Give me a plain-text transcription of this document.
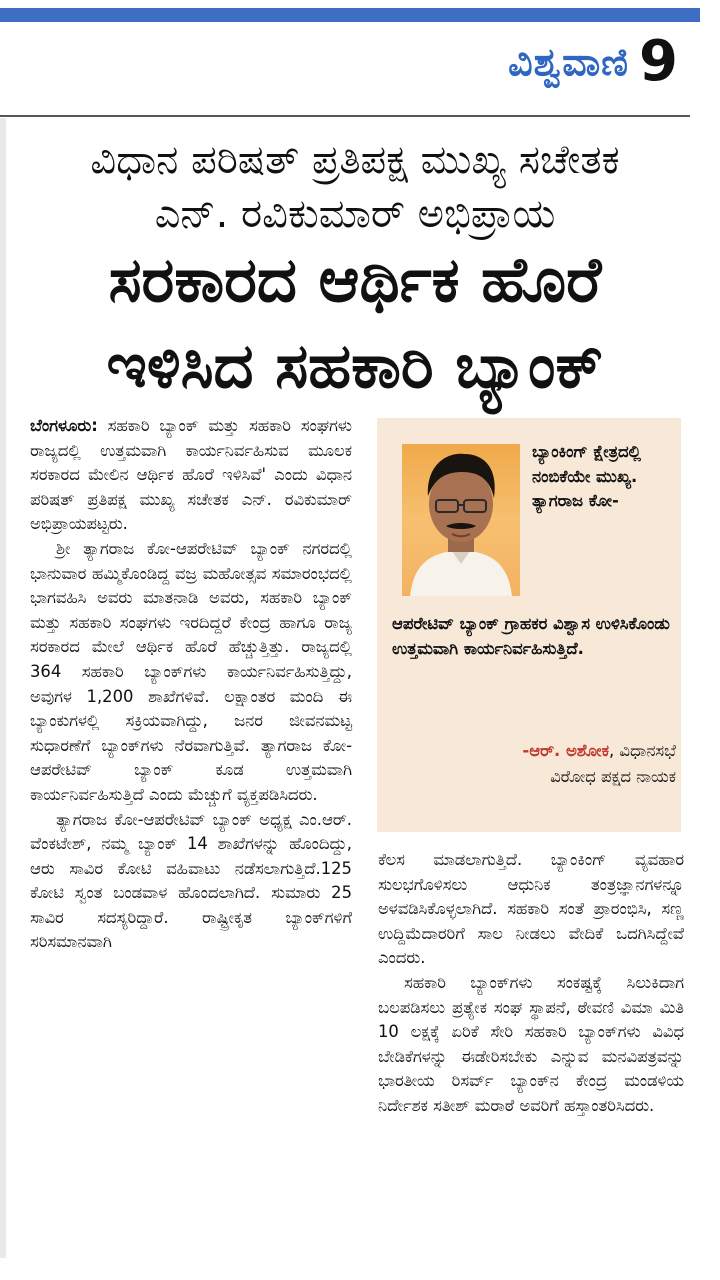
ವಿಶ್ವವಾಣಿ 9
ವಿಧಾನ ಪರಿಷತ್ ಪ್ರತಿಪಕ್ಷ ಮುಖ್ಯ ಸಚೇತಕ
ಎನ್. ರವಿಕುಮಾರ್ ಅಭಿಪ್ರಾಯ
ಸರಕಾರದ ಆರ್ಥಿಕ ಹೊರೆ
ಇಳಿಸಿದ ಸಹಕಾರಿ ಬ್ಯಾಂಕ್

ಬೆಂಗಳೂರು: ಸಹಕಾರಿ ಬ್ಯಾಂಕ್ ಮತ್ತು ಸಹಕಾರಿ ಸಂಘಗಳು ರಾಜ್ಯದಲ್ಲಿ ಉತ್ತಮವಾಗಿ ಕಾರ್ಯನಿರ್ವಹಿಸುವ ಮೂಲಕ ಸರಕಾರದ ಮೇಲಿನ ಆರ್ಥಿಕ ಹೊರೆ ಇಳಿಸಿವೆ' ಎಂದು ವಿಧಾನ ಪರಿಷತ್ ಪ್ರತಿಪಕ್ಷ ಮುಖ್ಯ ಸಚೇತಕ ಎನ್. ರವಿಕುಮಾರ್ ಅಭಿಪ್ರಾಯಪಟ್ಟರು.

ಶ್ರೀ ತ್ಯಾಗರಾಜ ಕೋ-ಆಪರೇಟಿವ್ ಬ್ಯಾಂಕ್ ನಗರದಲ್ಲಿ ಭಾನುವಾರ ಹಮ್ಮಿಕೊಂಡಿದ್ದ ವಜ್ರ ಮಹೋತ್ಸವ ಸಮಾರಂಭದಲ್ಲಿ ಭಾಗವಹಿಸಿ ಅವರು ಮಾತನಾಡಿ ಅವರು, ಸಹಕಾರಿ ಬ್ಯಾಂಕ್ ಮತ್ತು ಸಹಕಾರಿ ಸಂಘಗಳು ಇರದಿದ್ದರೆ ಕೇಂದ್ರ ಹಾಗೂ ರಾಜ್ಯ ಸರಕಾರದ ಮೇಲೆ ಆರ್ಥಿಕ ಹೊರೆ ಹೆಚ್ಚುತ್ತಿತ್ತು. ರಾಜ್ಯದಲ್ಲಿ 364 ಸಹಕಾರಿ ಬ್ಯಾಂಕ್‌ಗಳು ಕಾರ್ಯನಿರ್ವಹಿಸುತ್ತಿದ್ದು, ಅವುಗಳ 1,200 ಶಾಖೆಗಳಿವೆ. ಲಕ್ಷಾಂತರ ಮಂದಿ ಈ ಬ್ಯಾಂಕುಗಳಲ್ಲಿ ಸಕ್ರಿಯವಾಗಿದ್ದು, ಜನರ ಜೀವನಮಟ್ಟ ಸುಧಾರಣೆಗೆ ಬ್ಯಾಂಕ್‌ಗಳು ನೆರವಾಗುತ್ತಿವೆ. ತ್ಯಾಗರಾಜ ಕೋ-ಆಪರೇಟಿವ್ ಬ್ಯಾಂಕ್ ಕೂಡ ಉತ್ತಮವಾಗಿ ಕಾರ್ಯನಿರ್ವಹಿಸುತ್ತಿದೆ ಎಂದು ಮೆಚ್ಚುಗೆ ವ್ಯಕ್ತಪಡಿಸಿದರು.

ತ್ಯಾಗರಾಜ ಕೋ-ಆಪರೇಟಿವ್ ಬ್ಯಾಂಕ್ ಅಧ್ಯಕ್ಷ ಎಂ.ಆರ್. ವೆಂಕಟೇಶ್, ನಮ್ಮ ಬ್ಯಾಂಕ್ 14 ಶಾಖೆಗಳನ್ನು ಹೊಂದಿದ್ದು, ಆರು ಸಾವಿರ ಕೋಟಿ ವಹಿವಾಟು ನಡೆಸಲಾಗುತ್ತಿದೆ.125 ಕೋಟಿ ಸ್ವಂತ ಬಂಡವಾಳ ಹೊಂದಲಾಗಿದೆ. ಸುಮಾರು 25 ಸಾವಿರ ಸದಸ್ಯರಿದ್ದಾರೆ. ರಾಷ್ಟ್ರೀಕೃತ ಬ್ಯಾಂಕ್‌ಗಳಿಗೆ ಸರಿಸಮಾನವಾಗಿ

ಬ್ಯಾಂಕಿಂಗ್ ಕ್ಷೇತ್ರದಲ್ಲಿ ನಂಬಿಕೆಯೇ ಮುಖ್ಯ. ತ್ಯಾಗರಾಜ ಕೋ-
ಆಪರೇಟಿವ್ ಬ್ಯಾಂಕ್ ಗ್ರಾಹಕರ ವಿಶ್ವಾಸ ಉಳಿಸಿಕೊಂಡು ಉತ್ತಮವಾಗಿ ಕಾರ್ಯನಿರ್ವಹಿಸುತ್ತಿದೆ.
-ಆರ್. ಅಶೋಕ, ವಿಧಾನಸಭೆ
ವಿರೋಧ ಪಕ್ಷದ ನಾಯಕ

ಕೆಲಸ ಮಾಡಲಾಗುತ್ತಿದೆ. ಬ್ಯಾಂಕಿಂಗ್ ವ್ಯವಹಾರ ಸುಲಭಗೊಳಿಸಲು ಆಧುನಿಕ ತಂತ್ರಜ್ಞಾನಗಳನ್ನೂ ಅಳವಡಿಸಿಕೊಳ್ಳಲಾಗಿದೆ. ಸಹಕಾರಿ ಸಂತೆ ಪ್ರಾರಂಭಿಸಿ, ಸಣ್ಣ ಉದ್ದಿಮೆದಾರರಿಗೆ ಸಾಲ ನೀಡಲು ವೇದಿಕೆ ಒದಗಿಸಿದ್ದೇವೆ ಎಂದರು.

ಸಹಕಾರಿ ಬ್ಯಾಂಕ್‌ಗಳು ಸಂಕಷ್ಟಕ್ಕೆ ಸಿಲುಕಿದಾಗ ಬಲಪಡಿಸಲು ಪ್ರತ್ಯೇಕ ಸಂಘ ಸ್ಥಾಪನೆ, ಠೇವಣಿ ವಿಮಾ ಮಿತಿ 10 ಲಕ್ಷಕ್ಕೆ ಏರಿಕೆ ಸೇರಿ ಸಹಕಾರಿ ಬ್ಯಾಂಕ್‌ಗಳು ವಿವಿಧ ಬೇಡಿಕೆಗಳನ್ನು ಈಡೇರಿಸಬೇಕು ಎನ್ನುವ ಮನವಿಪತ್ರವನ್ನು ಭಾರತೀಯ ರಿಸರ್ವ್ ಬ್ಯಾಂಕ್‌ನ ಕೇಂದ್ರ ಮಂಡಳಿಯ ನಿರ್ದೇಶಕ ಸತೀಶ್ ಮರಾಠೆ ಅವರಿಗೆ ಹಸ್ತಾಂತರಿಸಿದರು.
